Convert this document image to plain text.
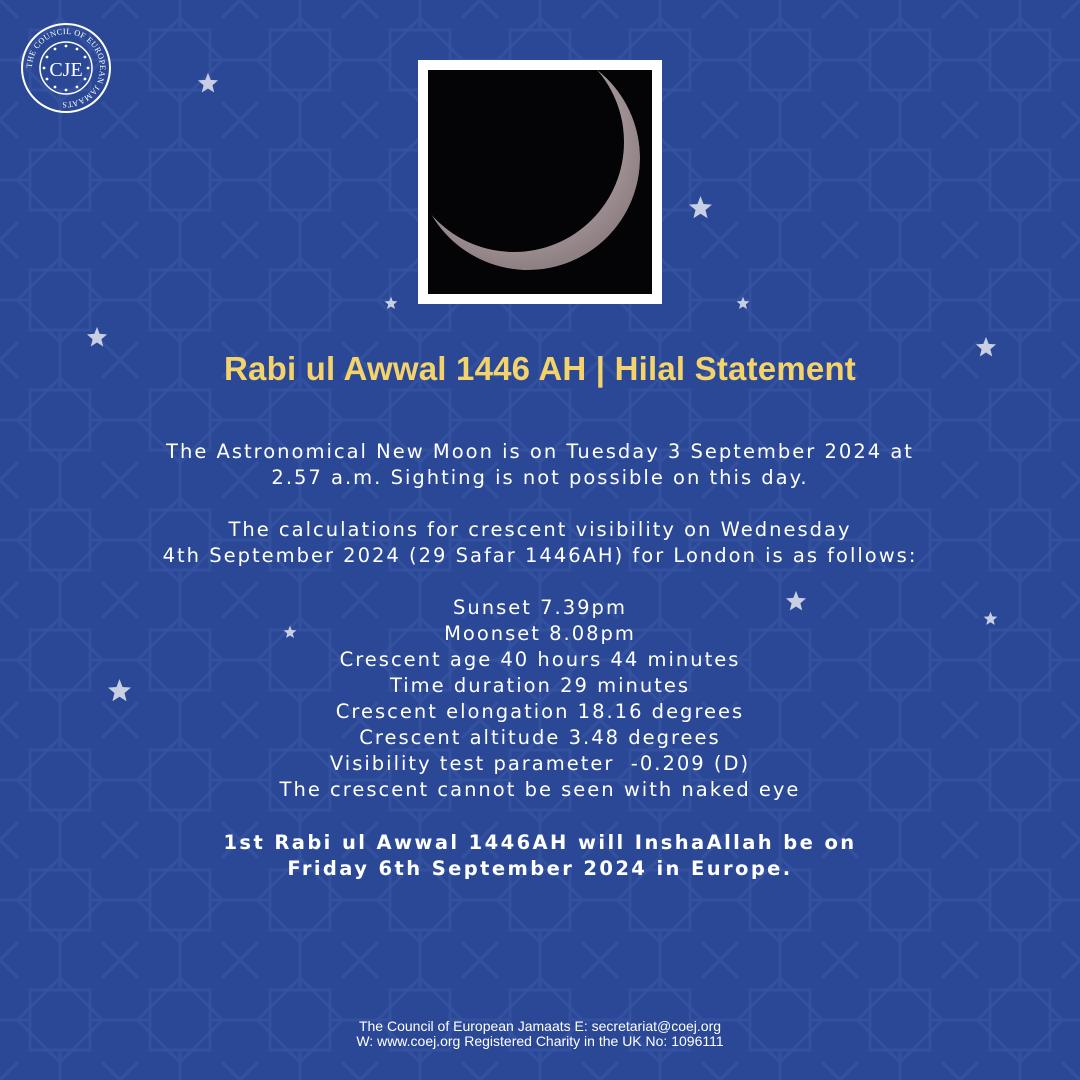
THE COUNCIL OF EUROPEAN JAMAATS
CJE
Rabi ul Awwal 1446 AH | Hilal Statement
The Astronomical New Moon is on Tuesday 3 September 2024 at
2.57 a.m. Sighting is not possible on this day.
The calculations for crescent visibility on Wednesday
4th September 2024 (29 Safar 1446AH) for London is as follows:
Sunset 7.39pm
Moonset 8.08pm
Crescent age 40 hours 44 minutes
Time duration 29 minutes
Crescent elongation 18.16 degrees
Crescent altitude 3.48 degrees
Visibility test parameter  -0.209 (D)
The crescent cannot be seen with naked eye
1st Rabi ul Awwal 1446AH will InshaAllah be on
Friday 6th September 2024 in Europe.
The Council of European Jamaats E: secretariat@coej.org
W: www.coej.org Registered Charity in the UK No: 1096111
